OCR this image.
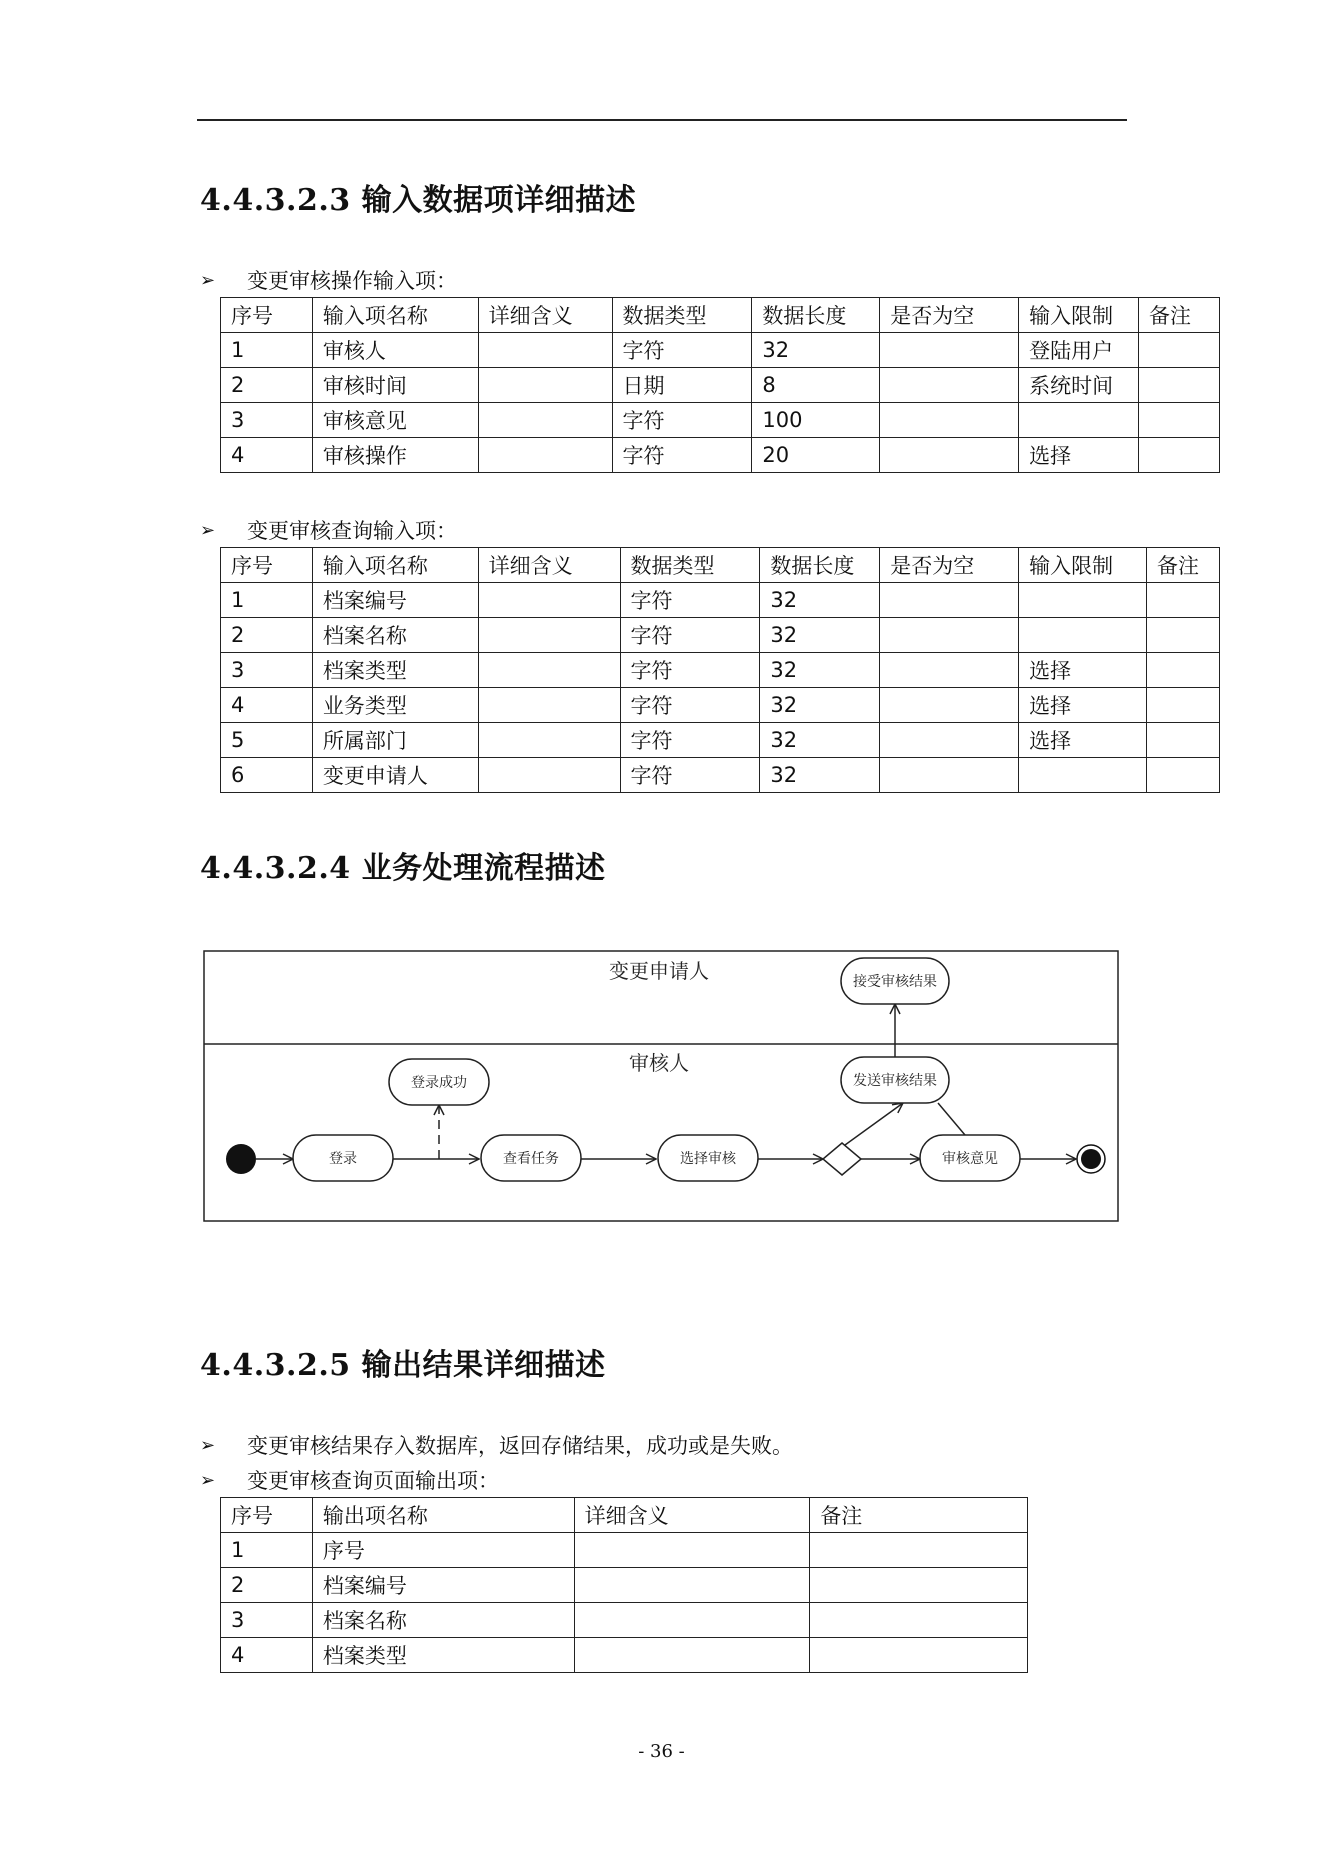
4.4.3.2.3 输入数据项详细描述
➢	变更审核操作输入项：
序号	输入项名称	详细含义	数据类型	数据长度	是否为空	输入限制	备注
1	审核人		字符	32		登陆用户	
2	审核时间		日期	8		系统时间	
3	审核意见		字符	100			
4	审核操作		字符	20		选择	
➢	变更审核查询输入项：
序号	输入项名称	详细含义	数据类型	数据长度	是否为空	输入限制	备注
1	档案编号		字符	32			
2	档案名称		字符	32			
3	档案类型		字符	32		选择	
4	业务类型		字符	32		选择	
5	所属部门		字符	32		选择	
6	变更申请人		字符	32			
4.4.3.2.4 业务处理流程描述
变更申请人
审核人
登录
登录成功
查看任务	选择审核	审核意见
发送审核结果
接受审核结果
4.4.3.2.5 输出结果详细描述
➢	变更审核结果存入数据库，返回存储结果，成功或是失败。
➢	变更审核查询页面输出项：
序号	输出项名称	详细含义	备注
1	序号		
2	档案编号		
3	档案名称		
4	档案类型		
- 36 -
